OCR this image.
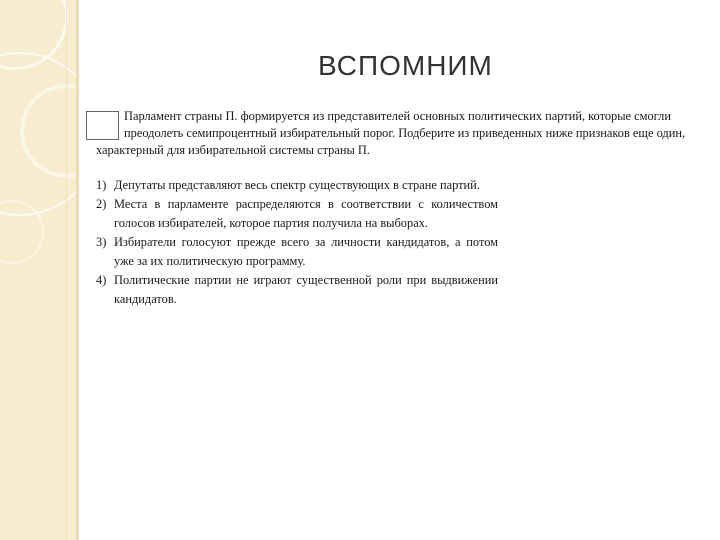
ВСПОМНИМ

Парламент страны П. формируется из представителей основных политических партий, которые смогли
преодолеть семипроцентный избирательный порог. Подберите из приведенных ниже признаков еще один,
характерный для избирательной системы страны П.

1) Депутаты представляют весь спектр существующих в стране партий.
2) Места в парламенте распределяются в соответствии с количеством голосов избирателей, которое партия получила на выборах.
3) Избиратели голосуют прежде всего за личности кандидатов, а потом уже за их политическую программу.
4) Политические партии не играют существенной роли при выдвижении кандидатов.
